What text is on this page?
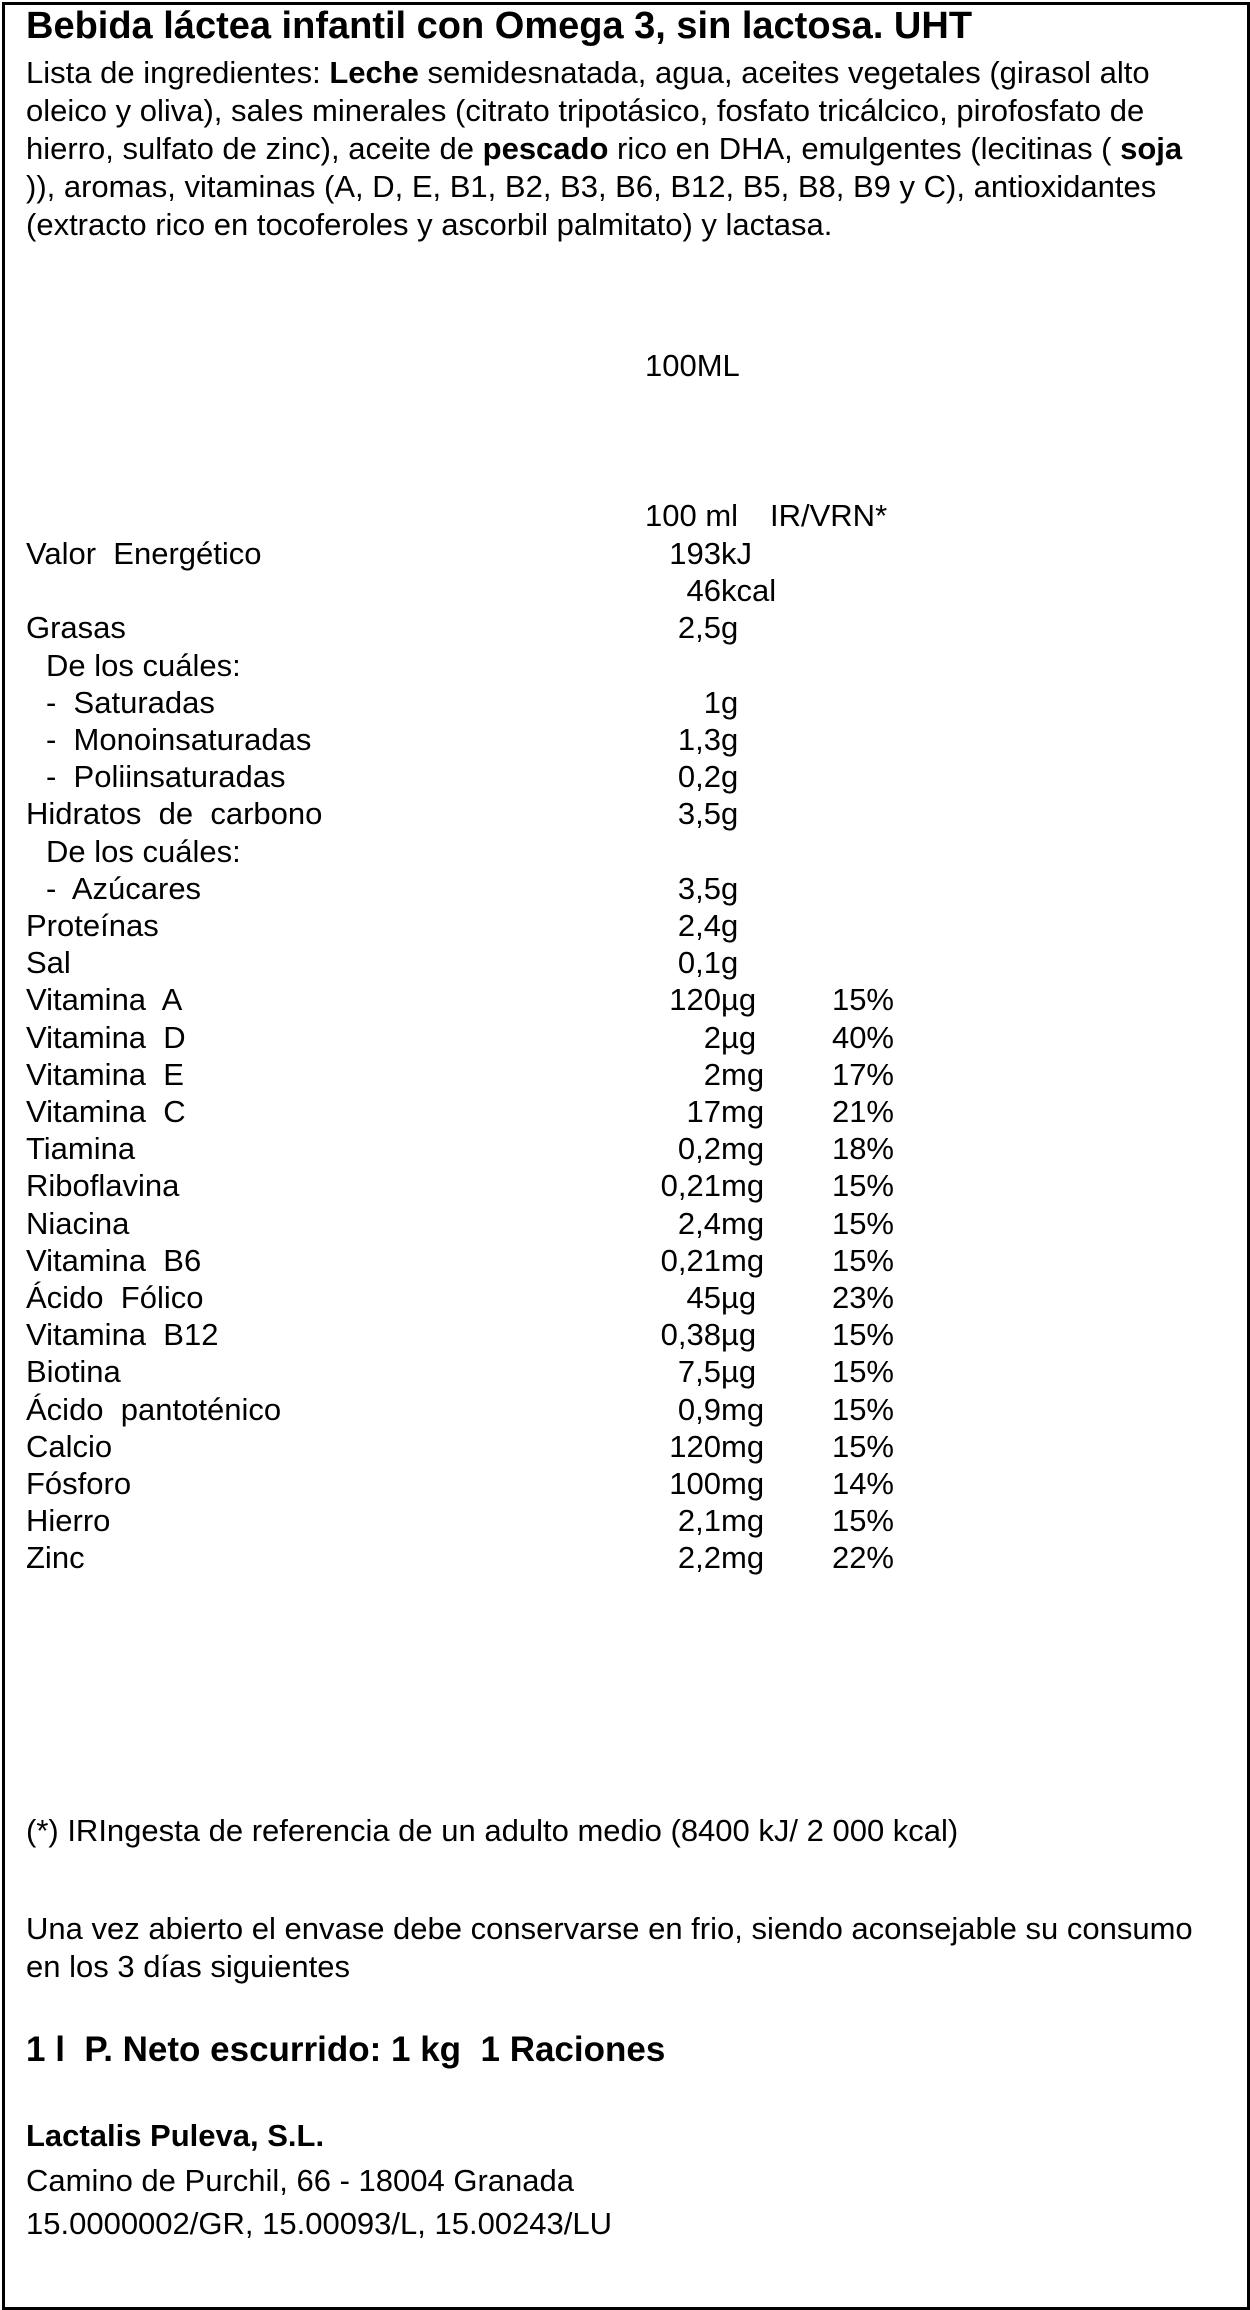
Bebida láctea infantil con Omega 3, sin lactosa. UHT
Lista de ingredientes: Leche semidesnatada, agua, aceites vegetales (girasol alto oleico y oliva), sales minerales (citrato tripotásico, fosfato tricálcico, pirofosfato de hierro, sulfato de zinc), aceite de pescado rico en DHA, emulgentes (lecitinas ( soja )), aromas, vitaminas (A, D, E, B1, B2, B3, B6, B12, B5, B8, B9 y C), antioxidantes (extracto rico en tocoferoles y ascorbil palmitato) y lactasa.
100ML
100 ml IR/VRN*
Valor  Energético	193 kJ
46 kcal
Grasas	2,5 g
De los cuáles:
-  Saturadas	1 g
-  Monoinsaturadas	1,3 g
-  Poliinsaturadas	0,2 g
Hidratos  de  carbono	3,5 g
De los cuáles:
-  Azúcares	3,5 g
Proteínas	2,4 g
Sal	0,1 g
Vitamina  A	120 µg 15%
Vitamina  D	2 µg 40%
Vitamina  E	2 mg 17%
Vitamina  C	17 mg 21%
Tiamina	0,2 mg 18%
Riboflavina	0,21 mg 15%
Niacina	2,4 mg 15%
Vitamina  B6	0,21 mg 15%
Ácido  Fólico	45 µg 23%
Vitamina  B12	0,38 µg 15%
Biotina	7,5 µg 15%
Ácido  pantoténico	0,9 mg 15%
Calcio	120 mg 15%
Fósforo	100 mg 14%
Hierro	2,1 mg 15%
Zinc	2,2 mg 22%
(*) IRIngesta de referencia de un adulto medio (8400 kJ/ 2 000 kcal)
Una vez abierto el envase debe conservarse en frio, siendo aconsejable su consumo en los 3 días siguientes
1 l  P. Neto escurrido: 1 kg  1 Raciones
Lactalis Puleva, S.L.
Camino de Purchil, 66 - 18004 Granada
15.0000002/GR, 15.00093/L, 15.00243/LU
